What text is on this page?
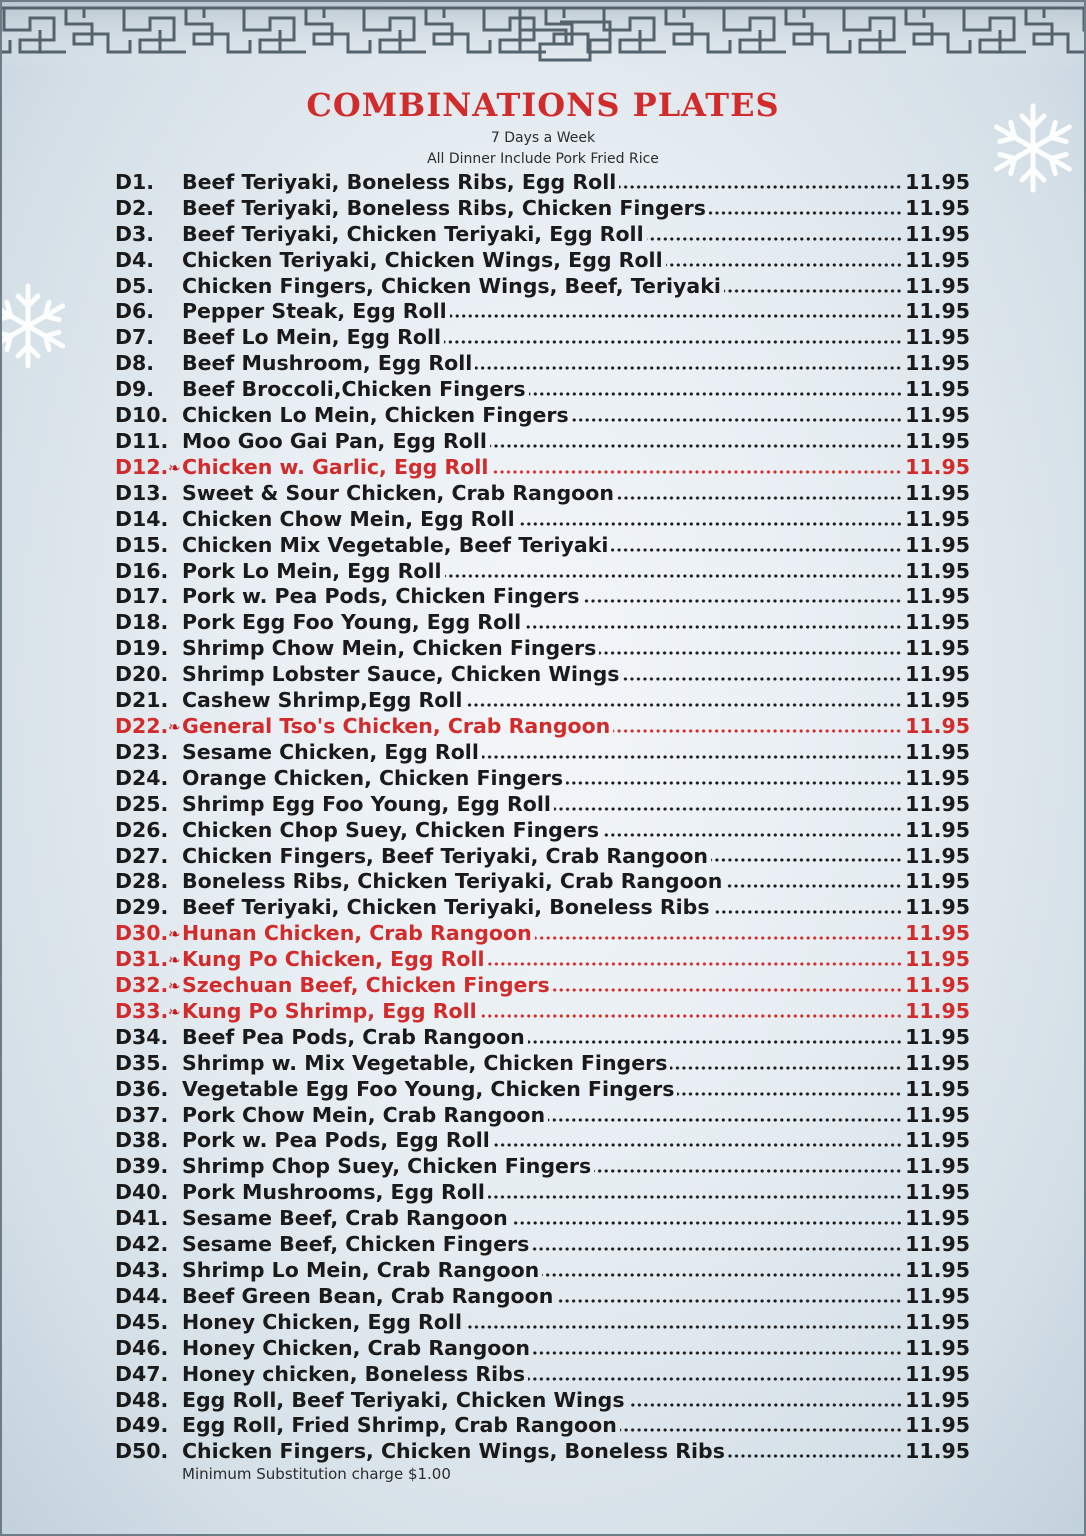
COMBINATIONS PLATES
7 Days a Week
All Dinner Include Pork Fried Rice
D1.	Beef Teriyaki, Boneless Ribs, Egg Roll	11.95
D2.	Beef Teriyaki, Boneless Ribs, Chicken Fingers	11.95
D3.	Beef Teriyaki, Chicken Teriyaki, Egg Roll	11.95
D4.	Chicken Teriyaki, Chicken Wings, Egg Roll	11.95
D5.	Chicken Fingers, Chicken Wings, Beef, Teriyaki	11.95
D6.	Pepper Steak, Egg Roll	11.95
D7.	Beef Lo Mein, Egg Roll	11.95
D8.	Beef Mushroom, Egg Roll	11.95
D9.	Beef Broccoli,Chicken Fingers	11.95
D10. Chicken Lo Mein, Chicken Fingers	11.95
D11. Moo Goo Gai Pan, Egg Roll	11.95
D12. ❧ Chicken w. Garlic, Egg Roll	11.95
D13. Sweet & Sour Chicken, Crab Rangoon	11.95
D14. Chicken Chow Mein, Egg Roll	11.95
D15. Chicken Mix Vegetable, Beef Teriyaki	11.95
D16. Pork Lo Mein, Egg Roll	11.95
D17. Pork w. Pea Pods, Chicken Fingers	11.95
D18. Pork Egg Foo Young, Egg Roll	11.95
D19. Shrimp Chow Mein, Chicken Fingers	11.95
D20. Shrimp Lobster Sauce, Chicken Wings	11.95
D21. Cashew Shrimp,Egg Roll	11.95
D22. ❧ General Tso's Chicken, Crab Rangoon	11.95
D23. Sesame Chicken, Egg Roll	11.95
D24. Orange Chicken, Chicken Fingers	11.95
D25. Shrimp Egg Foo Young, Egg Roll	11.95
D26. Chicken Chop Suey, Chicken Fingers	11.95
D27. Chicken Fingers, Beef Teriyaki, Crab Rangoon	11.95
D28. Boneless Ribs, Chicken Teriyaki, Crab Rangoon	11.95
D29. Beef Teriyaki, Chicken Teriyaki, Boneless Ribs	11.95
D30. ❧ Hunan Chicken, Crab Rangoon	11.95
D31. ❧ Kung Po Chicken, Egg Roll	11.95
D32. ❧ Szechuan Beef, Chicken Fingers	11.95
D33. ❧ Kung Po Shrimp, Egg Roll	11.95
D34. Beef Pea Pods, Crab Rangoon	11.95
D35. Shrimp w. Mix Vegetable, Chicken Fingers	11.95
D36. Vegetable Egg Foo Young, Chicken Fingers	11.95
D37. Pork Chow Mein, Crab Rangoon	11.95
D38. Pork w. Pea Pods, Egg Roll	11.95
D39. Shrimp Chop Suey, Chicken Fingers	11.95
D40. Pork Mushrooms, Egg Roll	11.95
D41. Sesame Beef, Crab Rangoon	11.95
D42. Sesame Beef, Chicken Fingers	11.95
D43. Shrimp Lo Mein, Crab Rangoon	11.95
D44. Beef Green Bean, Crab Rangoon	11.95
D45. Honey Chicken, Egg Roll	11.95
D46. Honey Chicken, Crab Rangoon	11.95
D47. Honey chicken, Boneless Ribs	11.95
D48. Egg Roll, Beef Teriyaki, Chicken Wings	11.95
D49. Egg Roll, Fried Shrimp, Crab Rangoon	11.95
D50. Chicken Fingers, Chicken Wings, Boneless Ribs	11.95
Minimum Substitution charge $1.00
